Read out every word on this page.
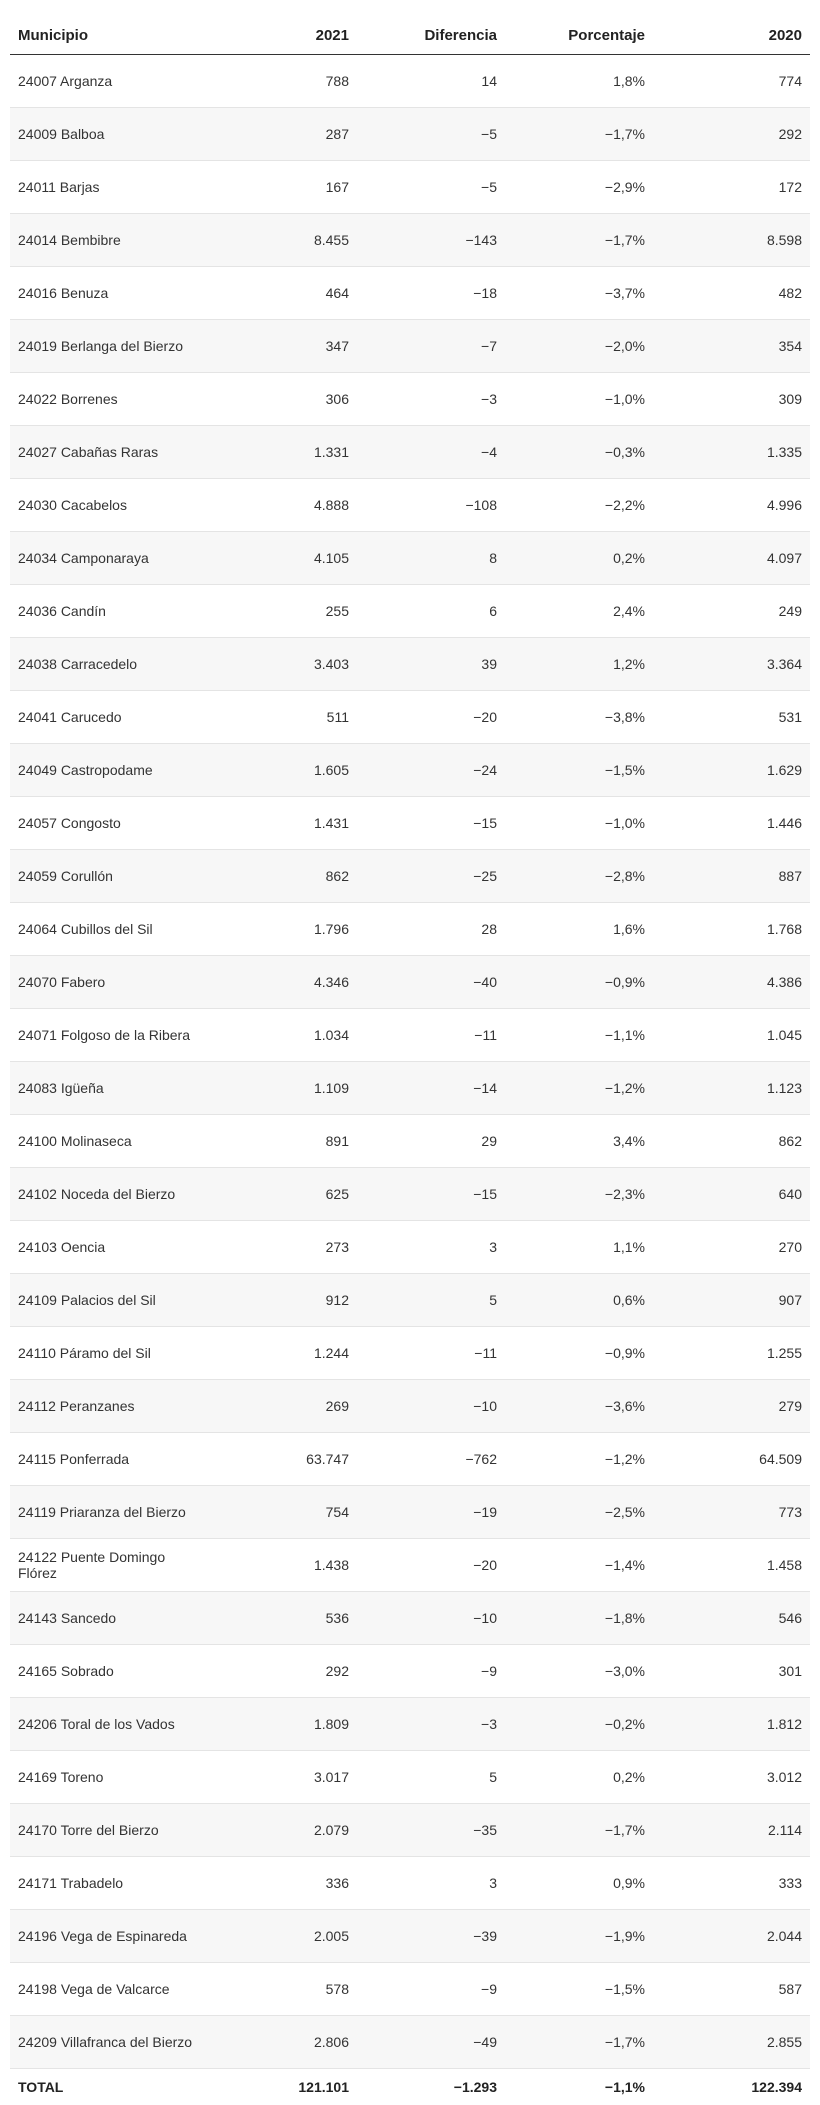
Municipio	2021	Diferencia	Porcentaje	2020
24007 Arganza	788	14	1,8%	774
24009 Balboa	287	−5	−1,7%	292
24011 Barjas	167	−5	−2,9%	172
24014 Bembibre	8.455	−143	−1,7%	8.598
24016 Benuza	464	−18	−3,7%	482
24019 Berlanga del Bierzo	347	−7	−2,0%	354
24022 Borrenes	306	−3	−1,0%	309
24027 Cabañas Raras	1.331	−4	−0,3%	1.335
24030 Cacabelos	4.888	−108	−2,2%	4.996
24034 Camponaraya	4.105	8	0,2%	4.097
24036 Candín	255	6	2,4%	249
24038 Carracedelo	3.403	39	1,2%	3.364
24041 Carucedo	511	−20	−3,8%	531
24049 Castropodame	1.605	−24	−1,5%	1.629
24057 Congosto	1.431	−15	−1,0%	1.446
24059 Corullón	862	−25	−2,8%	887
24064 Cubillos del Sil	1.796	28	1,6%	1.768
24070 Fabero	4.346	−40	−0,9%	4.386
24071 Folgoso de la Ribera	1.034	−11	−1,1%	1.045
24083 Igüeña	1.109	−14	−1,2%	1.123
24100 Molinaseca	891	29	3,4%	862
24102 Noceda del Bierzo	625	−15	−2,3%	640
24103 Oencia	273	3	1,1%	270
24109 Palacios del Sil	912	5	0,6%	907
24110 Páramo del Sil	1.244	−11	−0,9%	1.255
24112 Peranzanes	269	−10	−3,6%	279
24115 Ponferrada	63.747	−762	−1,2%	64.509
24119 Priaranza del Bierzo	754	−19	−2,5%	773
24122 Puente Domingo Flórez	1.438	−20	−1,4%	1.458
24143 Sancedo	536	−10	−1,8%	546
24165 Sobrado	292	−9	−3,0%	301
24206 Toral de los Vados	1.809	−3	−0,2%	1.812
24169 Toreno	3.017	5	0,2%	3.012
24170 Torre del Bierzo	2.079	−35	−1,7%	2.114
24171 Trabadelo	336	3	0,9%	333
24196 Vega de Espinareda	2.005	−39	−1,9%	2.044
24198 Vega de Valcarce	578	−9	−1,5%	587
24209 Villafranca del Bierzo	2.806	−49	−1,7%	2.855
TOTAL	121.101	−1.293	−1,1%	122.394
